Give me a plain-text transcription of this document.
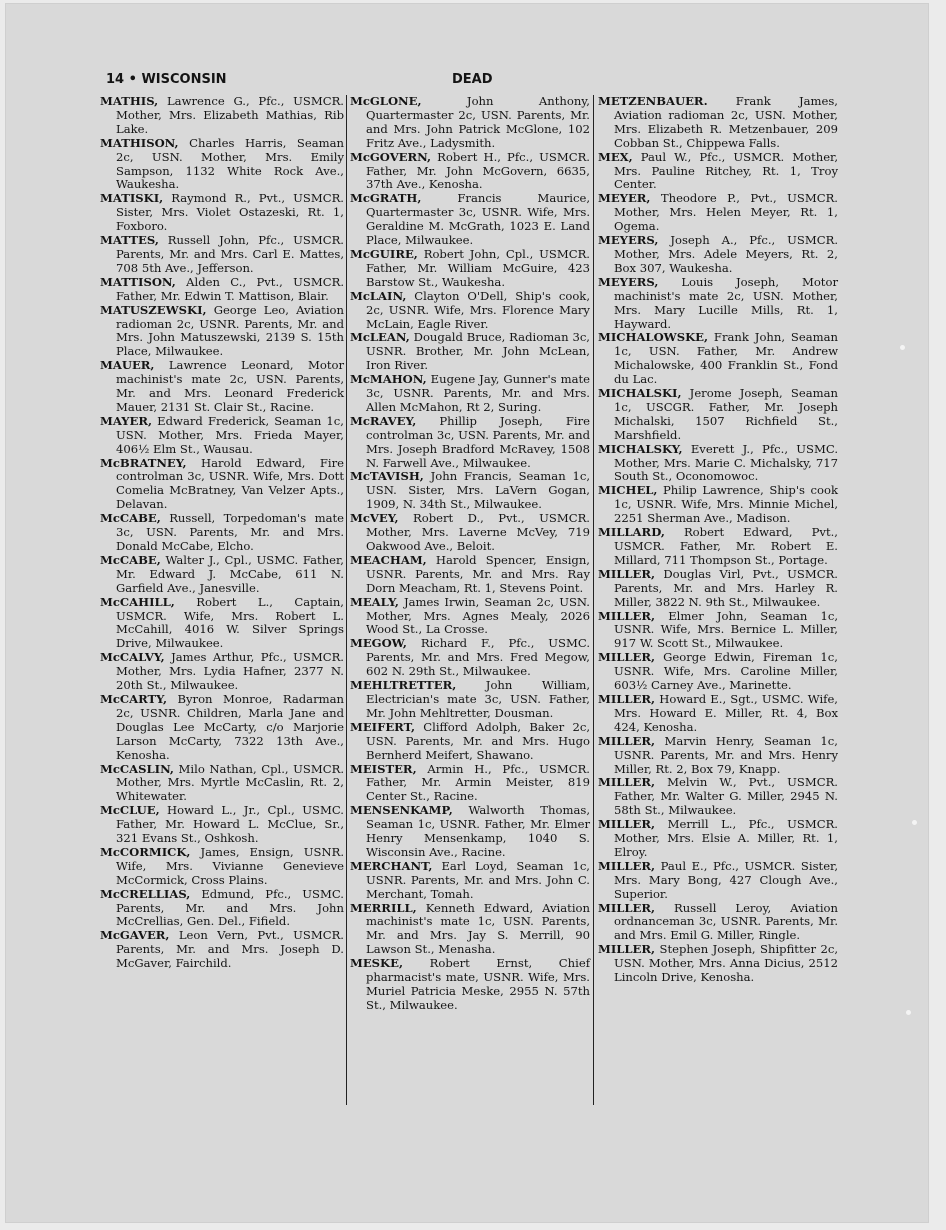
14 • WISCONSIN	DEAD
MATHIS, Lawrence G., Pfc., USMCR. Mother, Mrs. Elizabeth Mathias, Rib Lake.
MATHISON, Charles Harris, Seaman 2c, USN. Mother, Mrs. Emily Sampson, 1132 White Rock Ave., Waukesha.
MATISKI, Raymond R., Pvt., USMCR. Sister, Mrs. Violet Ostazeski, Rt. 1, Foxboro.
MATTES, Russell John, Pfc., USMCR. Parents, Mr. and Mrs. Carl E. Mattes, 708 5th Ave., Jefferson.
MATTISON, Alden C., Pvt., USMCR. Father, Mr. Edwin T. Mattison, Blair.
MATUSZEWSKI, George Leo, Aviation radioman 2c, USNR. Parents, Mr. and Mrs. John Matuszewski, 2139 S. 15th Place, Milwaukee.
MAUER, Lawrence Leonard, Motor machinist's mate 2c, USN. Parents, Mr. and Mrs. Leonard Frederick Mauer, 2131 St. Clair St., Racine.
MAYER, Edward Frederick, Seaman 1c, USN. Mother, Mrs. Frieda Mayer, 406½ Elm St., Wausau.
McBRATNEY, Harold Edward, Fire controlman 3c, USNR. Wife, Mrs. Dott Comelia McBratney, Van Velzer Apts., Delavan.
McCABE, Russell, Torpedoman's mate 3c, USN. Parents, Mr. and Mrs. Donald McCabe, Elcho.
McCABE, Walter J., Cpl., USMC. Father, Mr. Edward J. McCabe, 611 N. Garfield Ave., Janesville.
McCAHILL, Robert L., Captain, USMCR. Wife, Mrs. Robert L. McCahill, 4016 W. Silver Springs Drive, Milwaukee.
McCALVY, James Arthur, Pfc., USMCR. Mother, Mrs. Lydia Hafner, 2377 N. 20th St., Milwaukee.
McCARTY, Byron Monroe, Radarman 2c, USNR. Children, Marla Jane and Douglas Lee McCarty, c/o Marjorie Larson McCarty, 7322 13th Ave., Kenosha.
McCASLIN, Milo Nathan, Cpl., USMCR. Mother, Mrs. Myrtle McCaslin, Rt. 2, Whitewater.
McCLUE, Howard L., Jr., Cpl., USMC. Father, Mr. Howard L. McClue, Sr., 321 Evans St., Oshkosh.
McCORMICK, James, Ensign, USNR. Wife, Mrs. Vivianne Genevieve McCormick, Cross Plains.
McCRELLIAS, Edmund, Pfc., USMC. Parents, Mr. and Mrs. John McCrellias, Gen. Del., Fifield.
McGAVER, Leon Vern, Pvt., USMCR. Parents, Mr. and Mrs. Joseph D. McGaver, Fairchild.
McGLONE,	John Anthony, Quartermaster 2c, USN. Parents, Mr. and Mrs. John Patrick McGlone, 102 Fritz Ave., Ladysmith.
McGOVERN, Robert H., Pfc., USMCR. Father, Mr. John McGovern, 6635, 37th Ave., Kenosha.
McGRATH,	Francis Maurice, Quartermaster 3c, USNR. Wife, Mrs. Geraldine M. McGrath, 1023 E. Land Place, Milwaukee.
McGUIRE, Robert John, Cpl., USMCR. Father, Mr. William McGuire, 423 Barstow St., Waukesha.
McLAIN, Clayton O'Dell, Ship's cook, 2c, USNR. Wife, Mrs. Florence Mary McLain, Eagle River.
McLEAN, Dougald Bruce, Radioman 3c, USNR. Brother, Mr. John McLean, Iron River.
McMAHON, Eugene Jay, Gunner's mate 3c, USNR. Parents, Mr. and Mrs. Allen McMahon, Rt 2, Suring.
McRAVEY, Phillip Joseph, Fire controlman 3c, USN. Parents, Mr. and Mrs. Joseph Bradford McRavey, 1508 N. Farwell Ave., Milwaukee.
McTAVISH, John Francis, Seaman 1c, USN. Sister, Mrs. LaVern Gogan, 1909, N. 34th St., Milwaukee.
McVEY, Robert D., Pvt., USMCR. Mother, Mrs. Laverne McVey, 719 Oakwood Ave., Beloit.
MEACHAM, Harold Spencer, Ensign, USNR. Parents, Mr. and Mrs. Ray Dorn Meacham, Rt. 1, Stevens Point.
MEALY, James Irwin, Seaman 2c, USN. Mother, Mrs. Agnes Mealy, 2026 Wood St., La Crosse.
MEGOW, Richard F., Pfc., USMC. Parents, Mr. and Mrs. Fred Megow, 602 N. 29th St., Milwaukee.
MEHLTRETTER,	John William, Electrician's mate 3c, USN. Father, Mr. John Mehltretter, Dousman.
MEIFERT, Clifford Adolph, Baker 2c, USN. Parents, Mr. and Mrs. Hugo Bernherd Meifert, Shawano.
MEISTER, Armin H., Pfc., USMCR. Father, Mr. Armin Meister, 819 Center St., Racine.
MENSENKAMP, Walworth Thomas, Seaman 1c, USNR. Father, Mr. Elmer Henry Mensenkamp, 1040 S. Wisconsin Ave., Racine.
MERCHANT, Earl Loyd, Seaman 1c, USNR. Parents, Mr. and Mrs. John C. Merchant, Tomah.
MERRILL, Kenneth Edward, Aviation machinist's mate 1c, USN. Parents, Mr. and Mrs. Jay S. Merrill, 90 Lawson St., Menasha.
MESKE, Robert Ernst, Chief pharmacist's mate, USNR. Wife, Mrs. Muriel Patricia Meske, 2955 N. 57th St., Milwaukee.
METZENBAUER. Frank James, Aviation radioman 2c, USN. Mother, Mrs. Elizabeth R. Metzenbauer, 209 Cobban St., Chippewa Falls.
MEX, Paul W., Pfc., USMCR. Mother, Mrs. Pauline Ritchey, Rt. 1, Troy Center.
MEYER, Theodore P., Pvt., USMCR. Mother, Mrs. Helen Meyer, Rt. 1, Ogema.
MEYERS, Joseph A., Pfc., USMCR. Mother, Mrs. Adele Meyers, Rt. 2, Box 307, Waukesha.
MEYERS, Louis Joseph, Motor machinist's mate 2c, USN. Mother, Mrs. Mary Lucille Mills, Rt. 1, Hayward.
MICHALOWSKE, Frank John, Seaman 1c, USN. Father, Mr. Andrew Michalowske, 400 Franklin St., Fond du Lac.
MICHALSKI, Jerome Joseph, Seaman 1c, USCGR. Father, Mr. Joseph Michalski, 1507 Richfield St., Marshfield.
MICHALSKY, Everett J., Pfc., USMC. Mother, Mrs. Marie C. Michalsky, 717 South St., Oconomowoc.
MICHEL, Philip Lawrence, Ship's cook 1c, USNR. Wife, Mrs. Minnie Michel, 2251 Sherman Ave., Madison.
MILLARD, Robert Edward, Pvt., USMCR. Father, Mr. Robert E. Millard, 711 Thompson St., Portage.
MILLER, Douglas Virl, Pvt., USMCR. Parents, Mr. and Mrs. Harley R. Miller, 3822 N. 9th St., Milwaukee.
MILLER, Elmer John, Seaman 1c, USNR. Wife, Mrs. Bernice L. Miller, 917 W. Scott St., Milwaukee.
MILLER, George Edwin, Fireman 1c, USNR. Wife, Mrs. Caroline Miller, 603½ Carney Ave., Marinette.
MILLER, Howard E., Sgt., USMC. Wife, Mrs. Howard E. Miller, Rt. 4, Box 424, Kenosha.
MILLER, Marvin Henry, Seaman 1c, USNR. Parents, Mr. and Mrs. Henry Miller, Rt. 2, Box 79, Knapp.
MILLER, Melvin W., Pvt., USMCR. Father, Mr. Walter G. Miller, 2945 N. 58th St., Milwaukee.
MILLER, Merrill L., Pfc., USMCR. Mother, Mrs. Elsie A. Miller, Rt. 1, Elroy.
MILLER, Paul E., Pfc., USMCR. Sister, Mrs. Mary Bong, 427 Clough Ave., Superior.
MILLER, Russell Leroy, Aviation ordnanceman 3c, USNR. Parents, Mr. and Mrs. Emil G. Miller, Ringle.
MILLER, Stephen Joseph, Shipfitter 2c, USN. Mother, Mrs. Anna Dicius, 2512 Lincoln Drive, Kenosha.
